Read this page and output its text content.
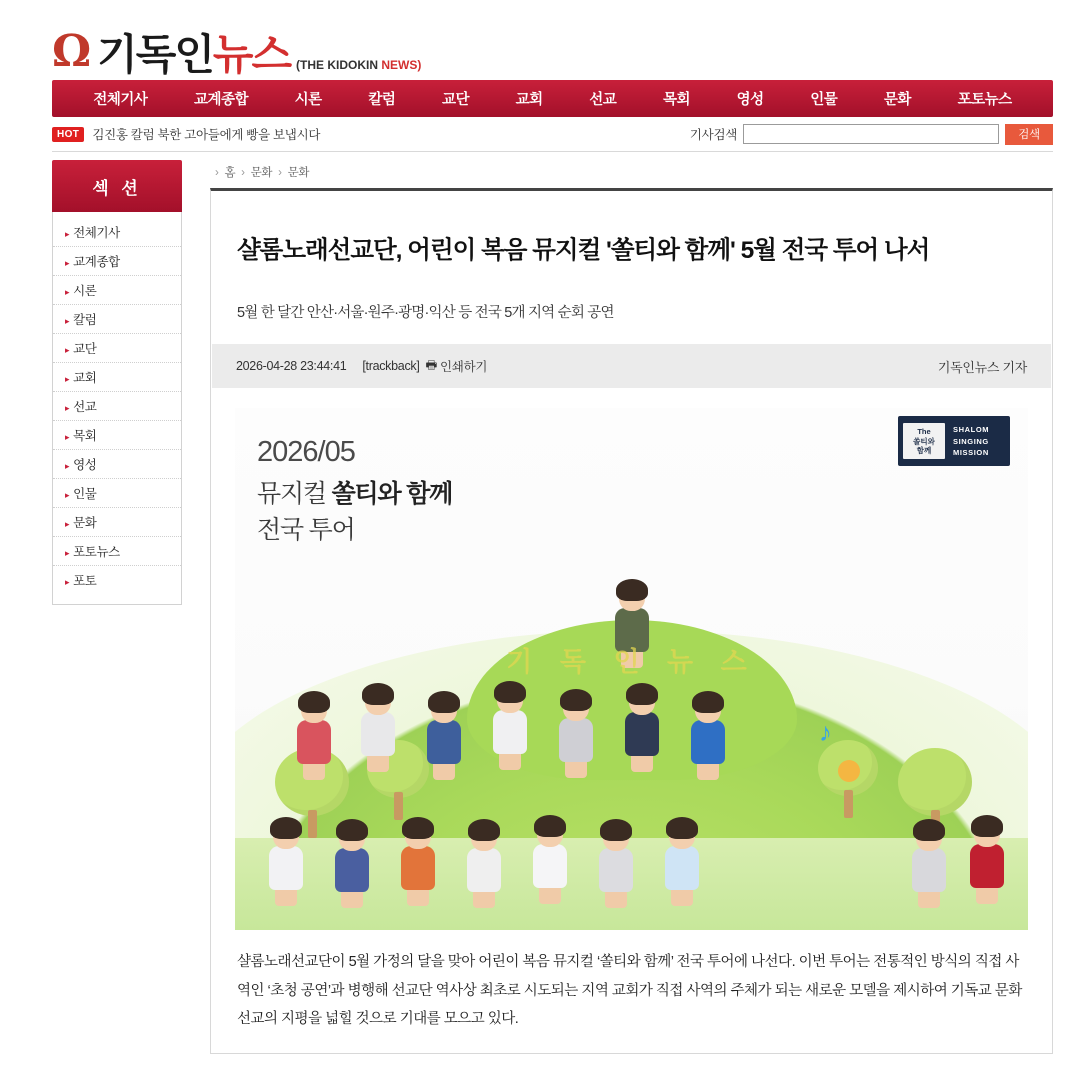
Ω 기독인뉴스 (THE KIDOKIN NEWS)
전체기사	교계종합	시론	칼럼	교단	교회	선교	목회	영성	인물	문화	포토뉴스
HOT	김진홍 칼럼 북한 고아들에게 빵을 보냅시다	기사검색	검색
섹 션
▸ 전체기사
▸ 교계종합
▸ 시론
▸ 칼럼
▸ 교단
▸ 교회
▸ 선교
▸ 목회
▸ 영성
▸ 인물
▸ 문화
▸ 포토뉴스
▸ 포토
› 홈 › 문화 › 문화
샬롬노래선교단, 어린이 복음 뮤지컬 '쏠티와 함께' 5월 전국 투어 나서
5월 한 달간 안산·서울·원주·광명·익산 등 전국 5개 지역 순회 공연
2026-04-28 23:44:41 [trackback] 🖶 인쇄하기	기독인뉴스 기자
♪
2026/05
뮤지컬 쏠티와 함께
전국 투어
기 독 인 뉴 스
The
쏠티와
함께
SHALOM
SINGING
MISSION
샬롬노래선교단이 5월 가정의 달을 맞아 어린이 복음 뮤지컬 ‘쏠티와 함께’ 전국 투어에 나선다. 이번 투어는 전통적인 방식의 직접 사역인 ‘초청 공연’과 병행해 선교단 역사상 최초로 시도되는 지역 교회가 직접 사역의 주체가 되는 새로운 모델을 제시하여 기독교 문화 선교의 지평을 넓힐 것으로 기대를 모으고 있다.
